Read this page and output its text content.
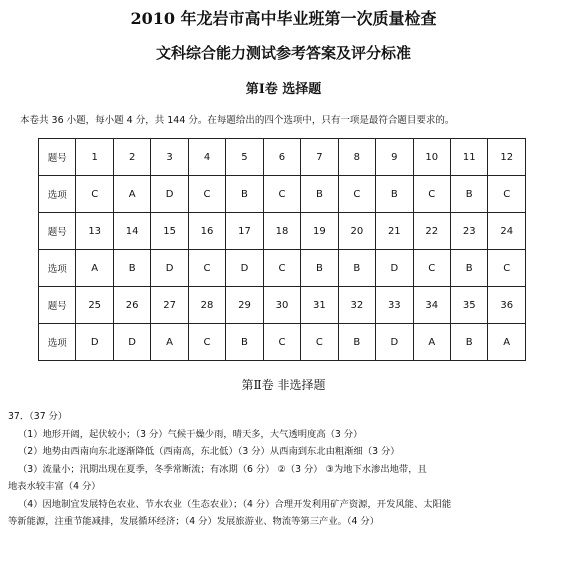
2010 年龙岩市高中毕业班第一次质量检查
文科综合能力测试参考答案及评分标准
第Ⅰ卷 选择题
本卷共 36 小题，每小题 4 分，共 144 分。在每题给出的四个选项中，只有一项是最符合题目要求的。
题号	1	2	3	4	5	6	7	8	9	10	11	12
选项	C	A	D	C	B	C	B	C	B	C	B	C
题号	13	14	15	16	17	18	19	20	21	22	23	24
选项	A	B	D	C	D	C	B	B	D	C	B	C
题号	25	26	27	28	29	30	31	32	33	34	35	36
选项	D	D	A	C	B	C	C	B	D	A	B	A
第Ⅱ卷 非选择题
37．（37 分）
（1）地形开阔，起伏较小；（3 分）气候干燥少雨，晴天多，大气透明度高（3 分）
（2）地势由西南向东北逐渐降低（西南高，东北低）（3 分）从西南到东北由粗渐细（3 分）
（3）流量小；汛期出现在夏季，冬季常断流；有冰期（6 分） ②（3 分） ③为地下水渗出地带，且
地表水较丰富（4 分）
（4）因地制宜发展特色农业、节水农业（生态农业）；（4 分）合理开发利用矿产资源，开发风能、太阳能
等新能源，注重节能减排，发展循环经济；（4 分）发展旅游业、物流等第三产业。（4 分）
